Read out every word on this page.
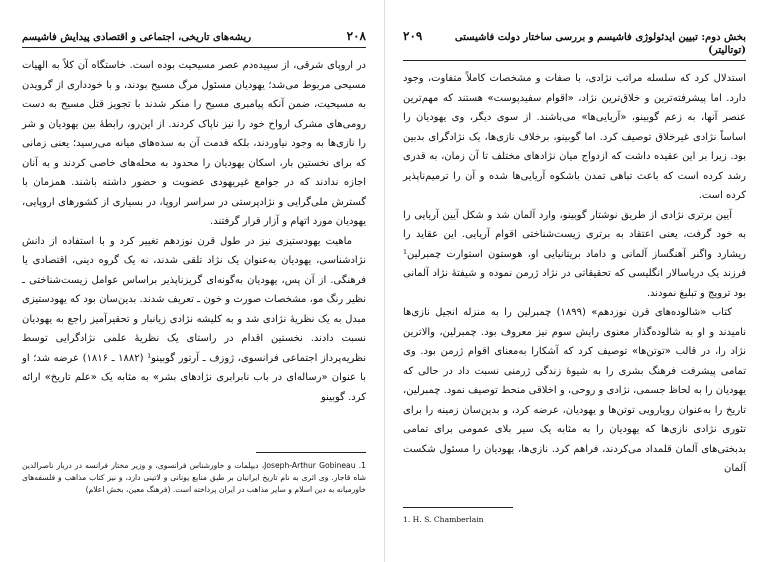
۲۰۸
ریشه‌های تاریخی، اجتماعی و اقتصادی پیدایش فاشیسم

در اروپای شرقی، از سپیده‌دم عصر مسیحیت بوده است. خاستگاه آن کلاً به الهیات مسیحی مربوط می‌شد؛ یهودیان مسئول مرگ مسیح بودند، و با خودداری از گرویدن به مسیحیت، ضمن آنکه پیامبری مسیح را منکر شدند با تجویز قتل مسیح به دست رومی‌های مشرک ارواح خود را نیز ناپاک کردند. از این‌رو، رابطهٔ بین یهودیان و شر را نازی‌ها به وجود نیاوردند، بلکه قدمت آن به سده‌های میانه می‌رسید؛ یعنی زمانی که برای نخستین بار، اسکان یهودیان را محدود به محله‌های خاصی کردند و به آنان اجازه ندادند که در جوامع غیریهودی عضویت و حضور داشته باشند. همزمان با گسترش ملی‌گرایی و نژادپرستی در سراسر اروپا، در بسیاری از کشورهای اروپایی، یهودیان مورد اتهام و آزار قرار گرفتند.

ماهیت یهودستیزی نیز در طول قرن نوزدهم تغییر کرد و با استفاده از دانش نژادشناسی، یهودیان به‌عنوان یک نژاد تلقی شدند، نه یک گروه دینی، اقتصادی یا فرهنگی. از آن پس، یهودیان به‌گونه‌ای گریزناپذیر براساس عوامل زیست‌شناختی ـ نظیر رنگ مو، مشخصات صورت و خون ـ تعریف شدند. بدین‌سان بود که یهودستیزی مبدل به یک نظریهٔ نژادی شد و به کلیشه نژادی زیانبار و تحقیرآمیز راجع به یهودیان نسبت دادند. نخستین اقدام در راستای یک نظریهٔ علمی نژادگرایی توسط نظریه‌پرداز اجتماعی فرانسوی، ژوزف ـ آرتور گوبینو¹ (۱۸۸۲ ـ ۱۸۱۶) عرضه شد؛ او با عنوان «رساله‌ای در باب نابرابری نژادهای بشر» به مثابه یک «علم تاریخ» ارائه کرد. گوبینو

1. Joseph-Arthur Gobineau، دیپلمات و خاورشناس فرانسوی، و وزیر مختار فرانسه در دربار ناصرالدین شاه قاجار. وی اثری به نام تاریخ ایرانیان بر طبق منابع یونانی و لاتینی دارد، و نیز کتاب مذاهب و فلسفه‌های خاورمیانه به دین اسلام و سایر مذاهب در ایران پرداخته است. (فرهنگ معین، بخش اعلام)
بخش دوم: تبیین ایدئولوژی فاشیسم و بررسی ساختار دولت فاشیستی (توتالیتر)
۲۰۹

استدلال کرد که سلسله مراتب نژادی، با صفات و مشخصات کاملاً متفاوت، وجود دارد. اما پیشرفته‌ترین و خلاق‌ترین نژاد، «اقوام سفیدپوست» هستند که مهم‌ترین عنصر آنها، به زعم گوبینو، «آریایی‌ها» می‌باشند. از سوی دیگر، وی یهودیان را اساساً نژادی غیرخلاق توصیف کرد. اما گوبینو، برخلاف نازی‌ها، یک نژادگرای بدبین بود. زیرا بر این عقیده داشت که ازدواج میان نژادهای مختلف تا آن زمان، به قدری رشد کرده است که باعث تباهی تمدن باشکوه آریایی‌ها شده و آن را ترمیم‌ناپذیر کرده است.

آیین برتری نژادی از طریق نوشتار گوبینو، وارد آلمان شد و شکل آیین آریایی را به خود گرفت، یعنی اعتقاد به برتری زیست‌شناختی اقوام آریایی. این عقاید را ریشارد واگنر آهنگساز آلمانی و داماد بریتانیایی او، هوستون استوارت چمبرلین¹ فرزند یک دریاسالار انگلیسی که تحقیقاتی در نژاد ژرمن نموده و شیفتهٔ نژاد آلمانی بود ترویج و تبلیغ نمودند.

کتاب «شالوده‌های قرن نوزدهم» (۱۸۹۹) چمبرلین را به منزله انجیل نازی‌ها نامیدند و او به شالوده‌گذار معنوی رایش سوم نیز معروف بود. چمبرلین، والاترین نژاد را، در قالب «توتن‌ها» توصیف کرد که آشکارا به‌معنای اقوام ژرمن بود. وی تمامی پیشرفت فرهنگ بشری را به شیوهٔ زندگی ژرمنی نسبت داد در حالی که یهودیان را به لحاظ جسمی، نژادی و روحی، و اخلاقی منحط توصیف نمود. چمبرلین، تاریخ را به‌عنوان رویارویی توتن‌ها و یهودیان، عرضه کرد، و بدین‌سان زمینه را برای تئوری نژادی نازی‌ها که یهودیان را به مثابه یک سیر بلای عمومی برای تمامی بدبختی‌های آلمان قلمداد می‌کردند، فراهم کرد. نازی‌ها، یهودیان را مسئول شکست آلمان

1. H. S. Chamberlain
